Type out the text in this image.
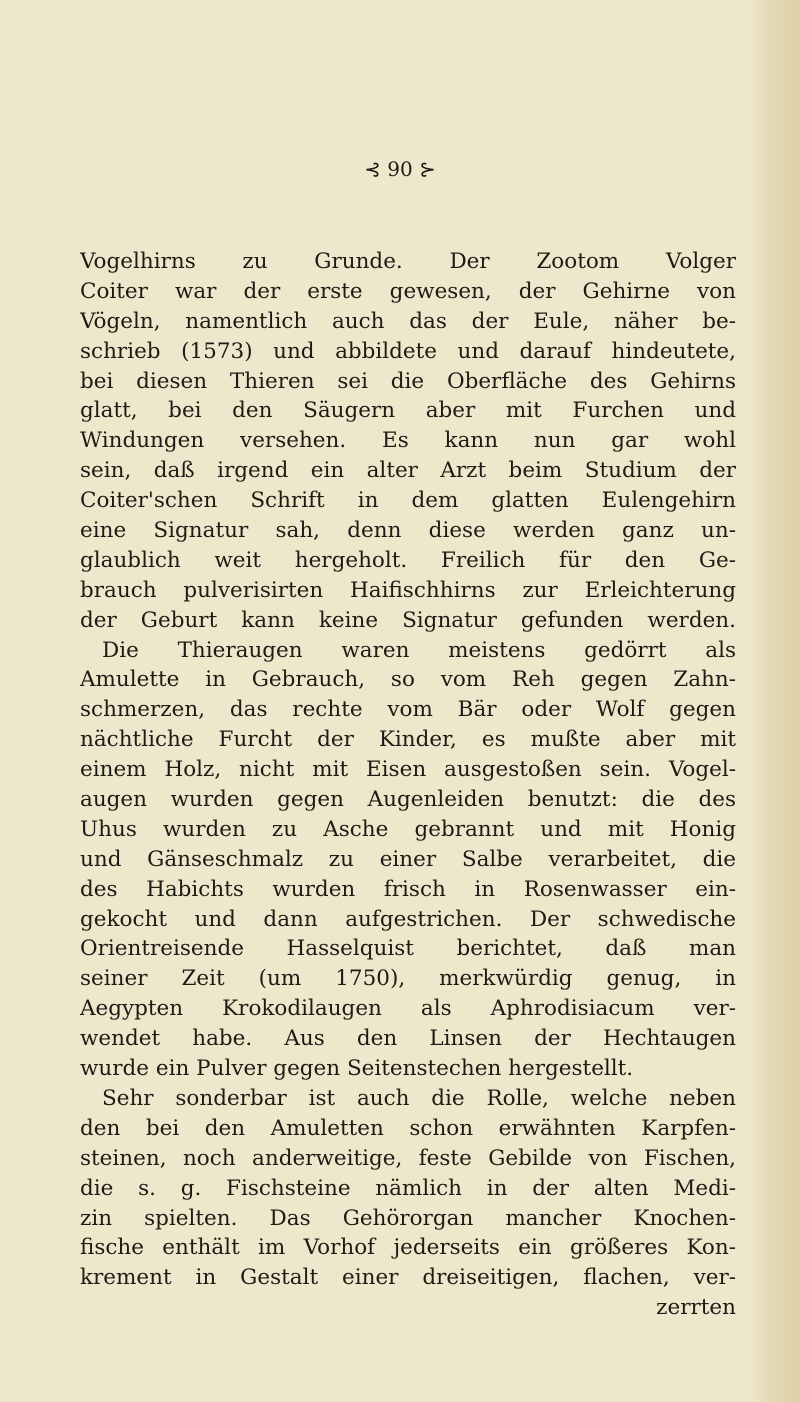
⊰ 90 ⊱
Vogelhirns zu Grunde. Der Zootom Volger
Coiter war der erste gewesen, der Gehirne von
Vögeln, namentlich auch das der Eule, näher be-
schrieb (1573) und abbildete und darauf hindeutete,
bei diesen Thieren sei die Oberfläche des Gehirns
glatt, bei den Säugern aber mit Furchen und
Windungen versehen. Es kann nun gar wohl
sein, daß irgend ein alter Arzt beim Studium der
Coiter'schen Schrift in dem glatten Eulengehirn
eine Signatur sah, denn diese werden ganz un-
glaublich weit hergeholt. Freilich für den Ge-
brauch pulverisirten Haifischhirns zur Erleichterung
der Geburt kann keine Signatur gefunden werden.
Die Thieraugen waren meistens gedörrt als
Amulette in Gebrauch, so vom Reh gegen Zahn-
schmerzen, das rechte vom Bär oder Wolf gegen
nächtliche Furcht der Kinder, es mußte aber mit
einem Holz, nicht mit Eisen ausgestoßen sein. Vogel-
augen wurden gegen Augenleiden benutzt: die des
Uhus wurden zu Asche gebrannt und mit Honig
und Gänseschmalz zu einer Salbe verarbeitet, die
des Habichts wurden frisch in Rosenwasser ein-
gekocht und dann aufgestrichen. Der schwedische
Orientreisende Hasselquist berichtet, daß man
seiner Zeit (um 1750), merkwürdig genug, in
Aegypten Krokodilaugen als Aphrodisiacum ver-
wendet habe. Aus den Linsen der Hechtaugen
wurde ein Pulver gegen Seitenstechen hergestellt.
Sehr sonderbar ist auch die Rolle, welche neben
den bei den Amuletten schon erwähnten Karpfen-
steinen, noch anderweitige, feste Gebilde von Fischen,
die s. g. Fischsteine nämlich in der alten Medi-
zin spielten. Das Gehörorgan mancher Knochen-
fische enthält im Vorhof jederseits ein größeres Kon-
krement in Gestalt einer dreiseitigen, flachen, ver-
zerrten
